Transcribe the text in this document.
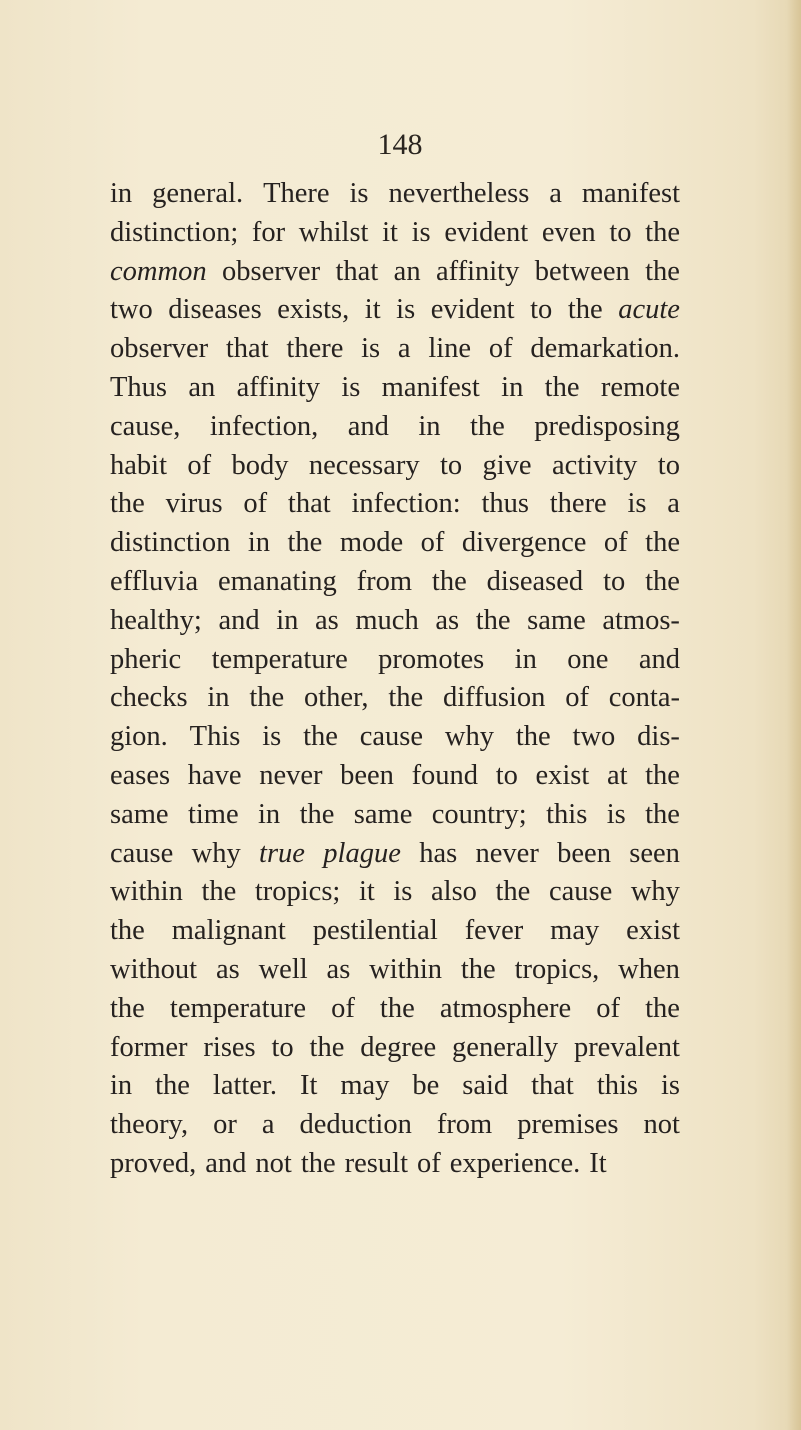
148
in general. There is nevertheless a manifest
distinction; for whilst it is evident even to the
common observer that an affinity between the
two diseases exists, it is evident to the acute
observer that there is a line of demarkation.
Thus an affinity is manifest in the remote
cause, infection, and in the predisposing
habit of body necessary to give activity to
the virus of that infection: thus there is a
distinction in the mode of divergence of the
effluvia emanating from the diseased to the
healthy; and in as much as the same atmos-
pheric temperature promotes in one and
checks in the other, the diffusion of conta-
gion. This is the cause why the two dis-
eases have never been found to exist at the
same time in the same country; this is the
cause why true plague has never been seen
within the tropics; it is also the cause why
the malignant pestilential fever may exist
without as well as within the tropics, when
the temperature of the atmosphere of the
former rises to the degree generally prevalent
in the latter. It may be said that this is
theory, or a deduction from premises not
proved, and not the result of experience. It
